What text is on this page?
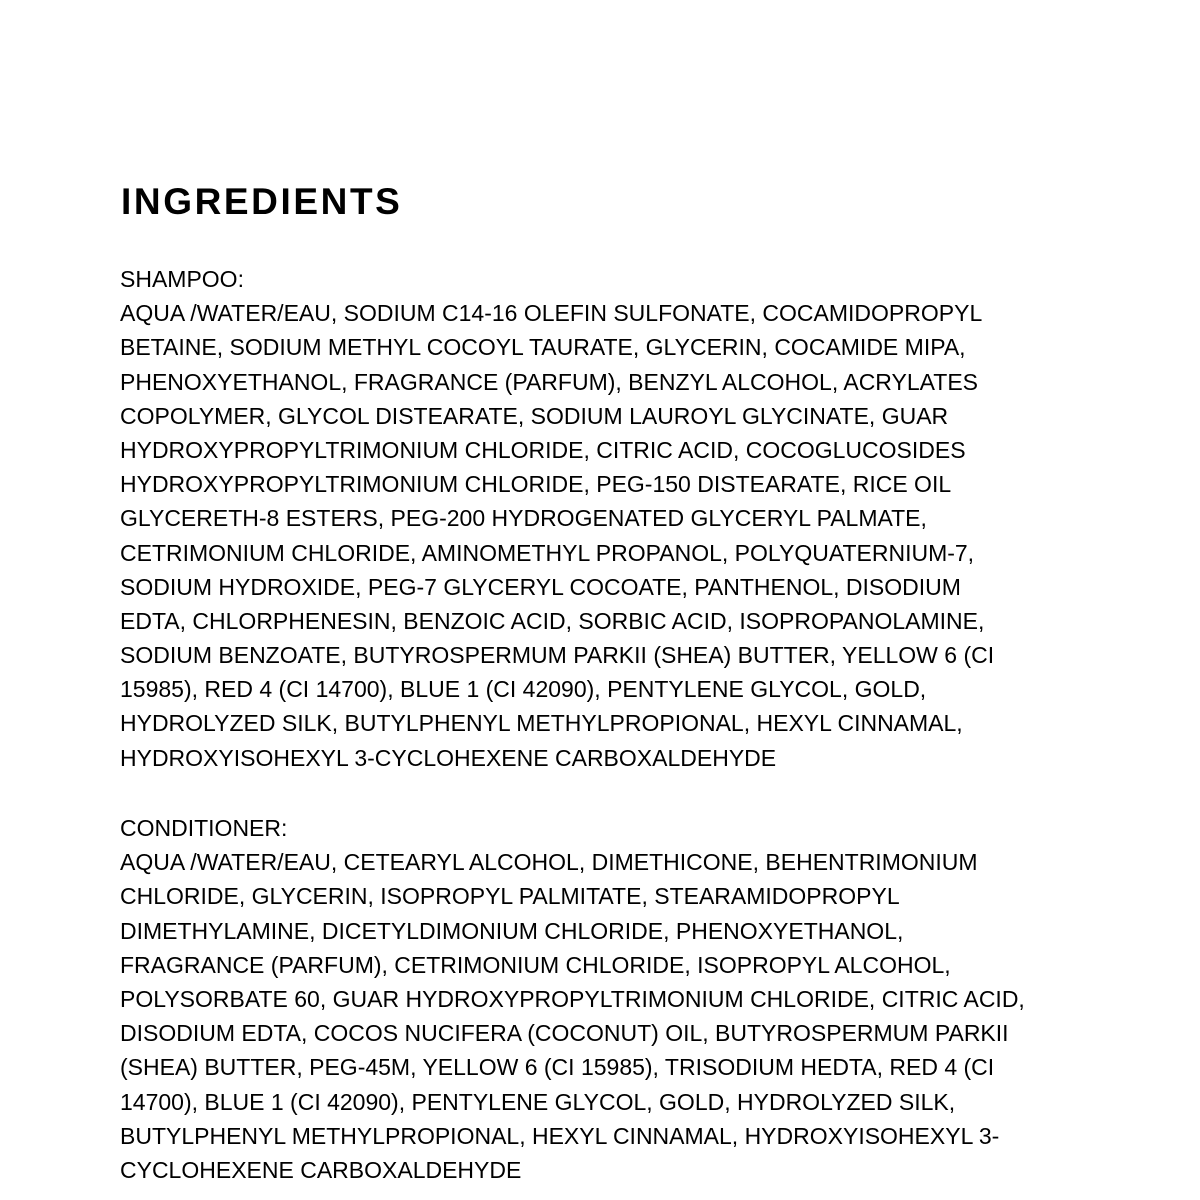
INGREDIENTS
SHAMPOO:
AQUA /WATER/EAU, SODIUM C14-16 OLEFIN SULFONATE, COCAMIDOPROPYL
BETAINE, SODIUM METHYL COCOYL TAURATE, GLYCERIN, COCAMIDE MIPA,
PHENOXYETHANOL, FRAGRANCE (PARFUM), BENZYL ALCOHOL, ACRYLATES
COPOLYMER, GLYCOL DISTEARATE, SODIUM LAUROYL GLYCINATE, GUAR
HYDROXYPROPYLTRIMONIUM CHLORIDE, CITRIC ACID, COCOGLUCOSIDES
HYDROXYPROPYLTRIMONIUM CHLORIDE, PEG-150 DISTEARATE, RICE OIL
GLYCERETH-8 ESTERS, PEG-200 HYDROGENATED GLYCERYL PALMATE,
CETRIMONIUM CHLORIDE, AMINOMETHYL PROPANOL, POLYQUATERNIUM-7,
SODIUM HYDROXIDE, PEG-7 GLYCERYL COCOATE, PANTHENOL, DISODIUM
EDTA, CHLORPHENESIN, BENZOIC ACID, SORBIC ACID, ISOPROPANOLAMINE,
SODIUM BENZOATE, BUTYROSPERMUM PARKII (SHEA) BUTTER, YELLOW 6 (CI
15985), RED 4 (CI 14700), BLUE 1 (CI 42090), PENTYLENE GLYCOL, GOLD,
HYDROLYZED SILK, BUTYLPHENYL METHYLPROPIONAL, HEXYL CINNAMAL,
HYDROXYISOHEXYL 3-CYCLOHEXENE CARBOXALDEHYDE
CONDITIONER:
AQUA /WATER/EAU, CETEARYL ALCOHOL, DIMETHICONE, BEHENTRIMONIUM
CHLORIDE, GLYCERIN, ISOPROPYL PALMITATE, STEARAMIDOPROPYL
DIMETHYLAMINE, DICETYLDIMONIUM CHLORIDE, PHENOXYETHANOL,
FRAGRANCE (PARFUM), CETRIMONIUM CHLORIDE, ISOPROPYL ALCOHOL,
POLYSORBATE 60, GUAR HYDROXYPROPYLTRIMONIUM CHLORIDE, CITRIC ACID,
DISODIUM EDTA, COCOS NUCIFERA (COCONUT) OIL, BUTYROSPERMUM PARKII
(SHEA) BUTTER, PEG-45M, YELLOW 6 (CI 15985), TRISODIUM HEDTA, RED 4 (CI
14700), BLUE 1 (CI 42090), PENTYLENE GLYCOL, GOLD, HYDROLYZED SILK,
BUTYLPHENYL METHYLPROPIONAL, HEXYL CINNAMAL, HYDROXYISOHEXYL 3-
CYCLOHEXENE CARBOXALDEHYDE
